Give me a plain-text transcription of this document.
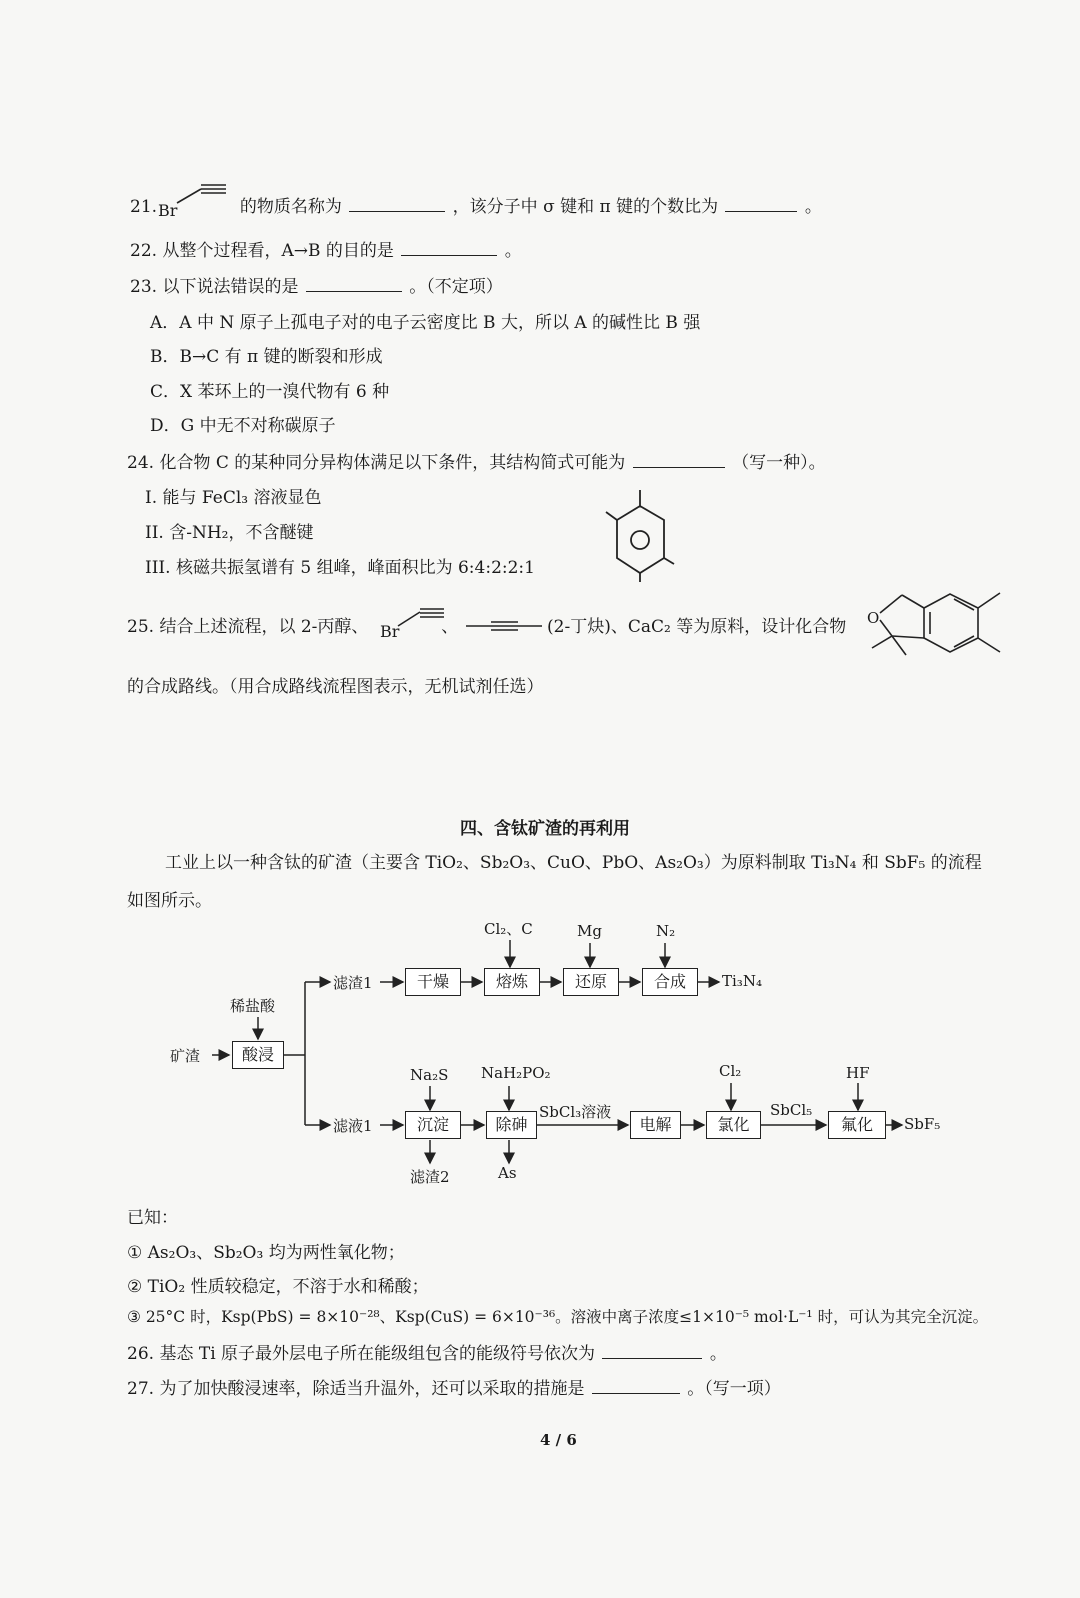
21.	的物质名称为	，该分子中 σ 键和 π 键的个数比为	。
Br
22. 从整个过程看，A→B 的目的是	。
23. 以下说法错误的是	。（不定项）
A．A 中 N 原子上孤电子对的电子云密度比 B 大，所以 A 的碱性比 B 强
B．B→C 有 π 键的断裂和形成
C．X 苯环上的一溴代物有 6 种
D．G 中无不对称碳原子
24. 化合物 C 的某种同分异构体满足以下条件，其结构简式可能为	（写一种）。
I. 能与 FeCl₃ 溶液显色
II. 含-NH₂，不含醚键
III. 核磁共振氢谱有 5 组峰，峰面积比为 6:4:2:2:1
25. 结合上述流程，以 2-丙醇、	、	(2-丁炔)、CaC₂ 等为原料，设计化合物
Br
O
的合成路线。（用合成路线流程图表示，无机试剂任选）
四、含钛矿渣的再利用
工业上以一种含钛的矿渣（主要含 TiO₂、Sb₂O₃、CuO、PbO、As₂O₃）为原料制取 Ti₃N₄ 和 SbF₅ 的流程
如图所示。
矿渣
稀盐酸
酸浸
滤渣1
滤液1
Cl₂、C	Mg	N₂
干燥	熔炼	还原	合成	Ti₃N₄
Na₂S NaH₂PO₂	Cl₂	HF
沉淀	除砷
SbCl₃溶液
电解	氯化
SbCl₅
氟化	SbF₅
滤渣2	As
已知：
① As₂O₃、Sb₂O₃ 均为两性氧化物；
② TiO₂ 性质较稳定，不溶于水和稀酸；
③ 25°C 时，Ksp(PbS) = 8×10⁻²⁸、Ksp(CuS) = 6×10⁻³⁶。溶液中离子浓度≤1×10⁻⁵ mol·L⁻¹ 时，可认为其完全沉淀。
26. 基态 Ti 原子最外层电子所在能级组包含的能级符号依次为	。
27. 为了加快酸浸速率，除适当升温外，还可以采取的措施是	。（写一项）
4 / 6
